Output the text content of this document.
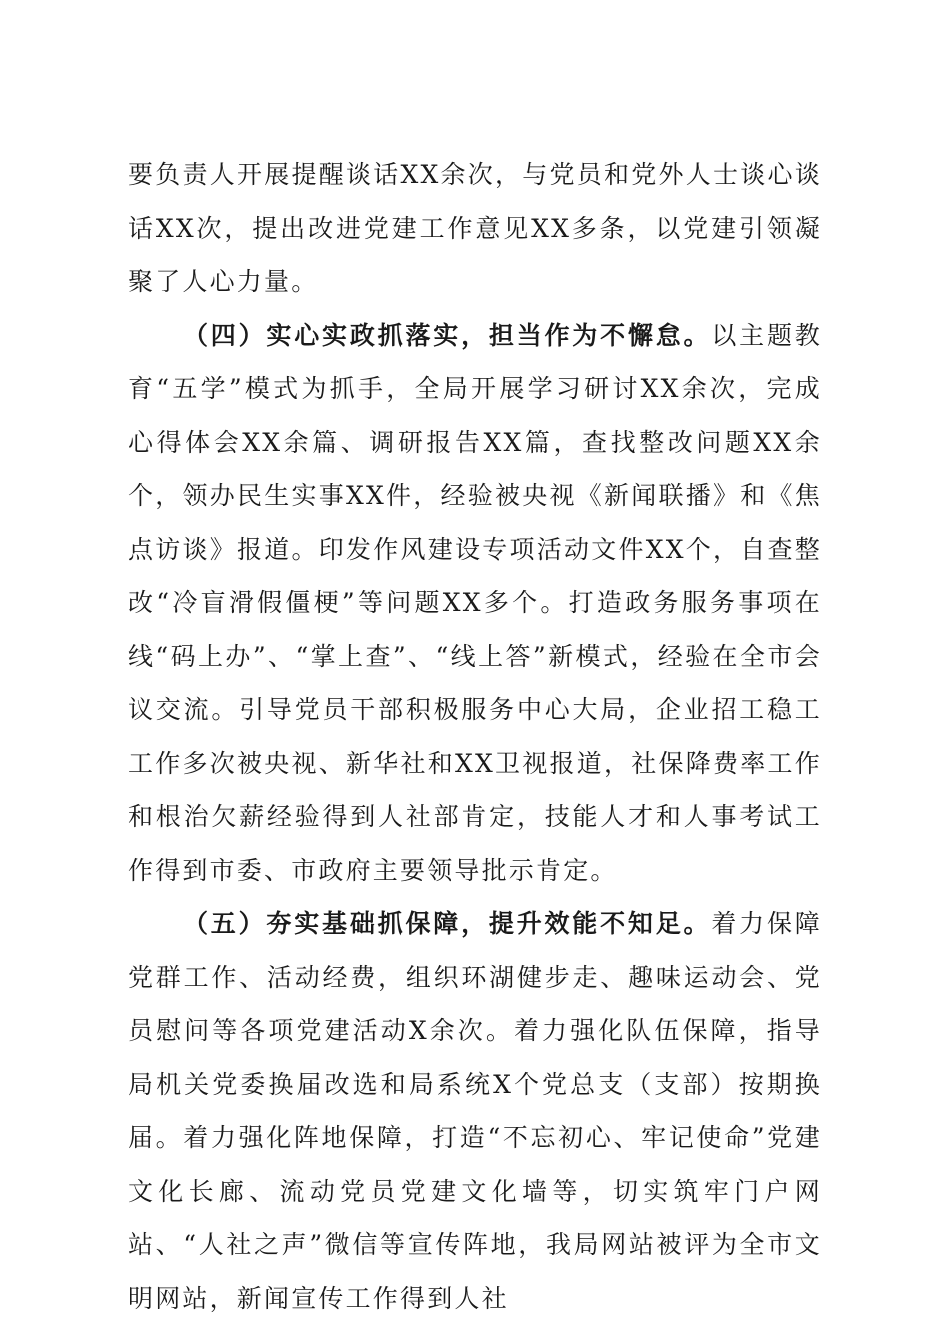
要负责人开展提醒谈话XX余次，与党员和党外人士谈心谈话XX次，提出改进党建工作意见XX多条，以党建引领凝聚了人心力量。

（四）实心实政抓落实，担当作为不懈怠。以主题教育“五学”模式为抓手，全局开展学习研讨XX余次，完成心得体会XX余篇、调研报告XX篇，查找整改问题XX余个，领办民生实事XX件，经验被央视《新闻联播》和《焦点访谈》报道。印发作风建设专项活动文件XX个，自查整改“冷盲滑假僵梗”等问题XX多个。打造政务服务事项在线“码上办”、“掌上查”、“线上答”新模式，经验在全市会议交流。引导党员干部积极服务中心大局，企业招工稳工工作多次被央视、新华社和XX卫视报道，社保降费率工作和根治欠薪经验得到人社部肯定，技能人才和人事考试工作得到市委、市政府主要领导批示肯定。

（五）夯实基础抓保障，提升效能不知足。着力保障党群工作、活动经费，组织环湖健步走、趣味运动会、党员慰问等各项党建活动X余次。着力强化队伍保障，指导局机关党委换届改选和局系统X个党总支（支部）按期换届。着力强化阵地保障，打造“不忘初心、牢记使命”党建文化长廊、流动党员党建文化墙等，切实筑牢门户网站、“人社之声”微信等宣传阵地，我局网站被评为全市文明网站，新闻宣传工作得到人社
